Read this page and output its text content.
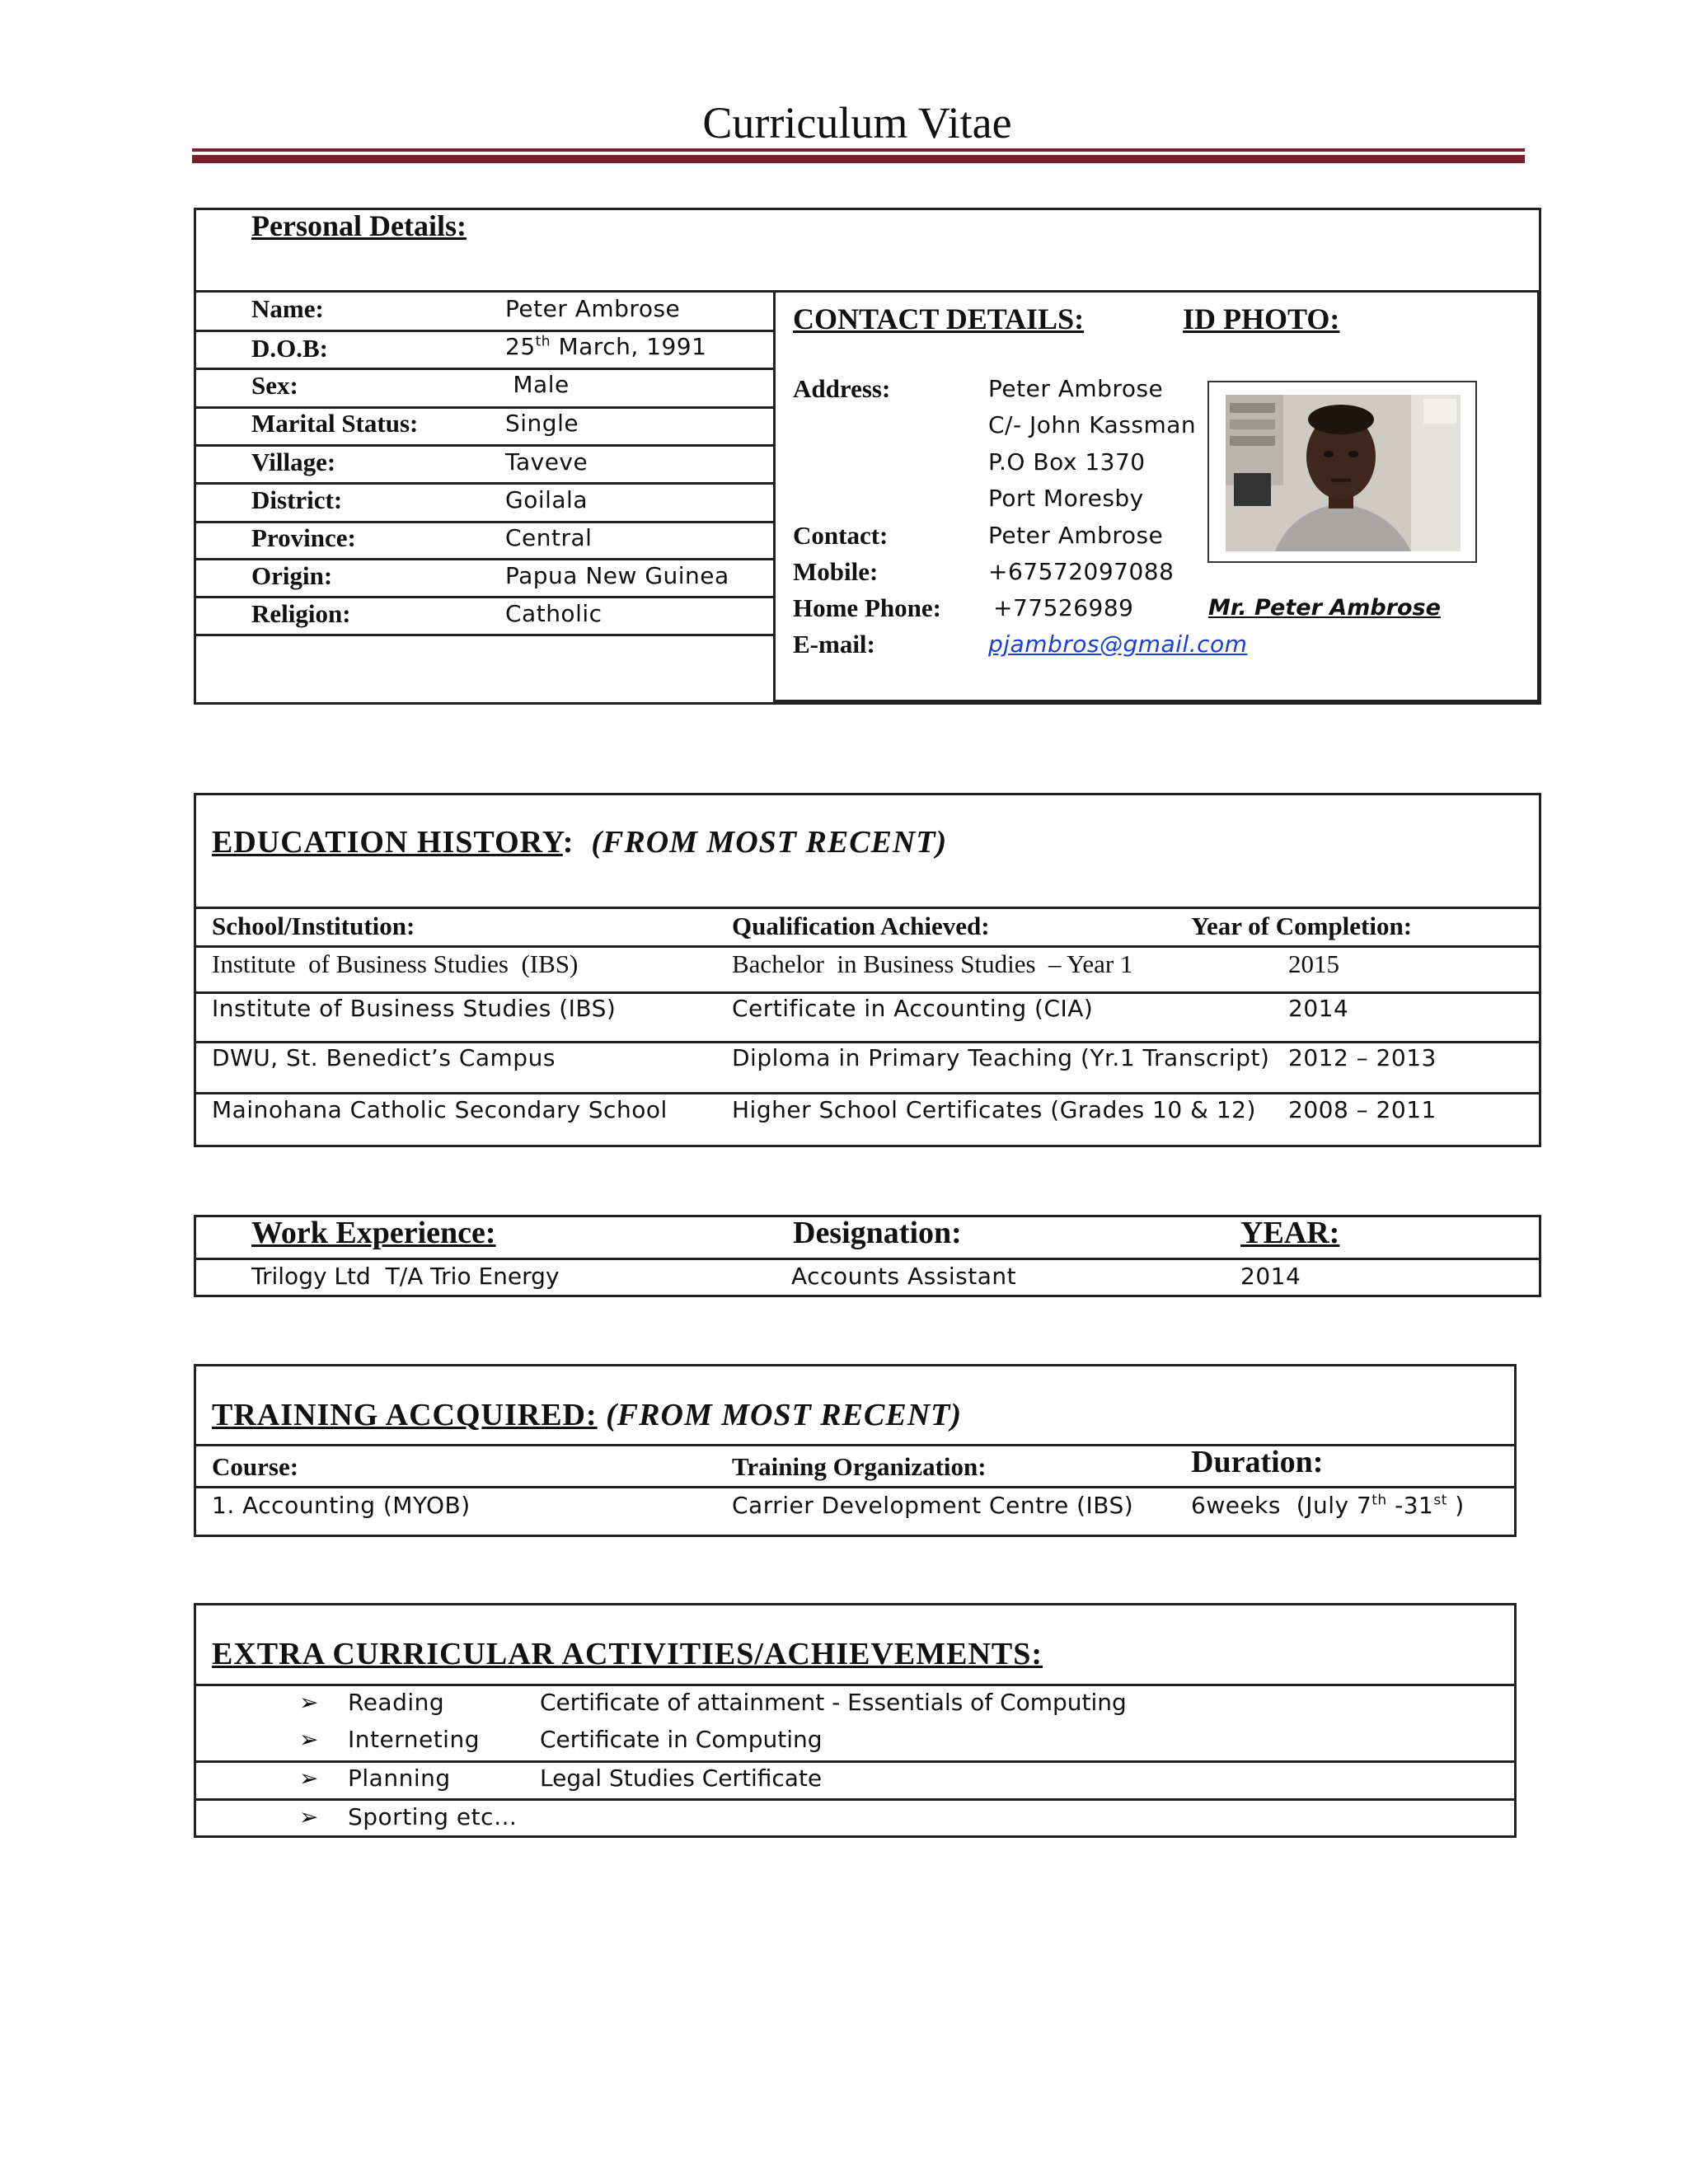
Curriculum Vitae
Personal Details:
Name:	Peter Ambrose
D.O.B:	25th March, 1991
Sex:	Male
Marital Status:	Single
Village:	Taveve
District:	Goilala
Province:	Central
Origin:	Papua New Guinea
Religion:	Catholic
CONTACT DETAILS:	ID PHOTO:
Address:	Peter Ambrose
C/- John Kassman
P.O Box 1370
Port Moresby
Contact:	Peter Ambrose
Mobile:	+67572097088
Home Phone: +77526989	Mr. Peter Ambrose
E-mail:	pjambros@gmail.com
EDUCATION HISTORY: (FROM MOST RECENT)
School/Institution:	Qualification Achieved:	Year of Completion:
Institute  of Business Studies  (IBS)	Bachelor  in Business Studies  – Year 1	2015
Institute of Business Studies (IBS)	Certificate in Accounting (CIA)	2014
DWU, St. Benedict’s Campus	Diploma in Primary Teaching (Yr.1 Transcript) 2012 – 2013
Mainohana Catholic Secondary School	Higher School Certificates (Grades 10 & 12) 2008 – 2011
Work Experience:	Designation:	YEAR:
Trilogy Ltd  T/A Trio Energy	Accounts Assistant	2014
TRAINING ACCQUIRED: (FROM MOST RECENT)
Course:	Training Organization:	Duration:
1. Accounting (MYOB)	Carrier Development Centre (IBS) 6weeks  (July 7th -31st )
EXTRA CURRICULAR ACTIVITIES/ACHIEVEMENTS:
➢ Reading	Certificate of attainment - Essentials of Computing
➢ Interneting	Certificate in Computing
➢ Planning	Legal Studies Certificate
➢ Sporting etc…
